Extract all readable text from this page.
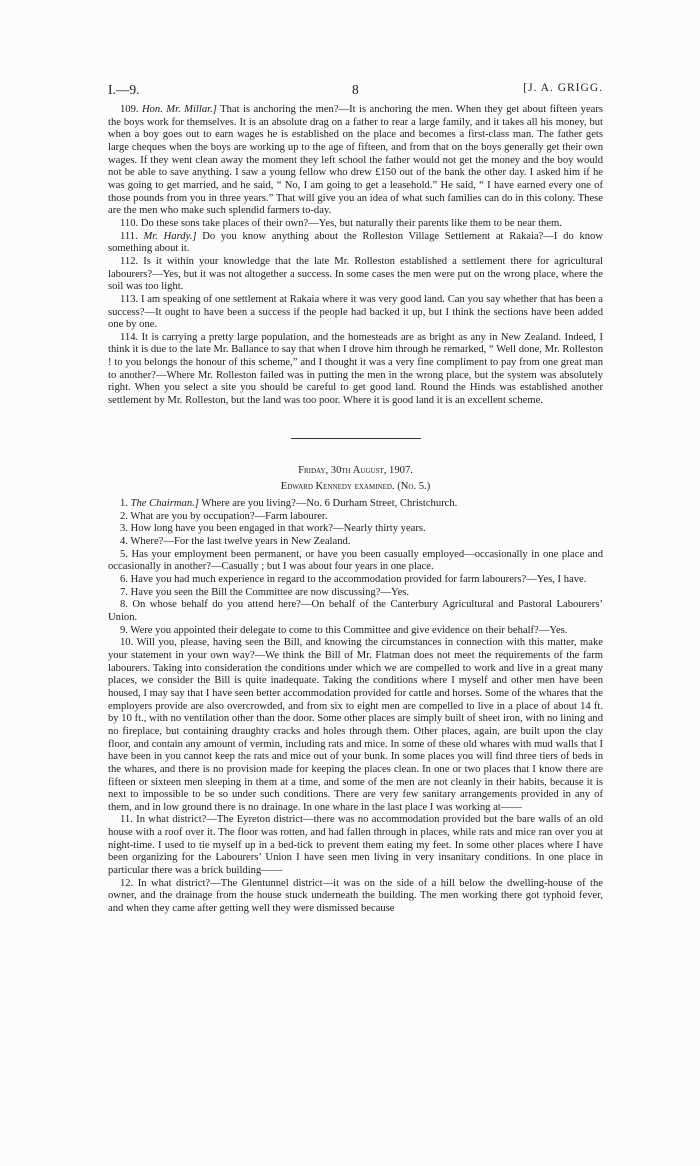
I.—9.	8	[J. A. GRIGG.

109. Hon. Mr. Millar.] That is anchoring the men?—It is anchoring the men. When they get about fifteen years the boys work for themselves. It is an absolute drag on a father to rear a large family, and it takes all his money, but when a boy goes out to earn wages he is established on the place and becomes a first-class man. The father gets large cheques when the boys are working up to the age of fifteen, and from that on the boys generally get their own wages. If they went clean away the moment they left school the father would not get the money and the boy would not be able to save anything. I saw a young fellow who drew £150 out of the bank the other day. I asked him if he was going to get married, and he said, “ No, I am going to get a leasehold.” He said, “ I have earned every one of those pounds from you in three years.” That will give you an idea of what such families can do in this colony. These are the men who make such splendid farmers to-day.

110. Do these sons take places of their own?—Yes, but naturally their parents like them to be near them.

111. Mr. Hardy.] Do you know anything about the Rolleston Village Settlement at Rakaia?—I do know something about it.

112. Is it within your knowledge that the late Mr. Rolleston established a settlement there for agricultural labourers?—Yes, but it was not altogether a success. In some cases the men were put on the wrong place, where the soil was too light.

113. I am speaking of one settlement at Rakaia where it was very good land. Can you say whether that has been a success?—It ought to have been a success if the people had backed it up, but I think the sections have been added one by one.

114. It is carrying a pretty large population, and the homesteads are as bright as any in New Zealand. Indeed, I think it is due to the late Mr. Ballance to say that when I drove him through he remarked, “ Well done, Mr. Rolleston ! to you belongs the honour of this scheme,” and I thought it was a very fine compliment to pay from one great man to another?—Where Mr. Rolleston failed was in putting the men in the wrong place, but the system was absolutely right. When you select a site you should be careful to get good land. Round the Hinds was established another settlement by Mr. Rolleston, but the land was too poor. Where it is good land it is an excellent scheme.

Friday, 30th August, 1907.

Edward Kennedy examined. (No. 5.)

1. The Chairman.] Where are you living?—No. 6 Durham Street, Christchurch.

2. What are you by occupation?—Farm labourer.

3. How long have you been engaged in that work?—Nearly thirty years.

4. Where?—For the last twelve years in New Zealand.

5. Has your employment been permanent, or have you been casually employed—occasionally in one place and occasionally in another?—Casually ; but I was about four years in one place.

6. Have you had much experience in regard to the accommodation provided for farm labourers?—Yes, I have.

7. Have you seen the Bill the Committee are now discussing?—Yes.

8. On whose behalf do you attend here?—On behalf of the Canterbury Agricultural and Pastoral Labourers’ Union.

9. Were you appointed their delegate to come to this Committee and give evidence on their behalf?—Yes.

10. Will you, please, having seen the Bill, and knowing the circumstances in connection with this matter, make your statement in your own way?—We think the Bill of Mr. Flatman does not meet the requirements of the farm labourers. Taking into consideration the conditions under which we are compelled to work and live in a great many places, we consider the Bill is quite inadequate. Taking the conditions where I myself and other men have been housed, I may say that I have seen better accommodation provided for cattle and horses. Some of the whares that the employers provide are also overcrowded, and from six to eight men are compelled to live in a place of about 14 ft. by 10 ft., with no ventilation other than the door. Some other places are simply built of sheet iron, with no lining and no fireplace, but containing draughty cracks and holes through them. Other places, again, are built upon the clay floor, and contain any amount of vermin, including rats and mice. In some of these old whares with mud walls that I have been in you cannot keep the rats and mice out of your bunk. In some places you will find three tiers of beds in the whares, and there is no provision made for keeping the places clean. In one or two places that I know there are fifteen or sixteen men sleeping in them at a time, and some of the men are not cleanly in their habits, because it is next to impossible to be so under such conditions. There are very few sanitary arrangements provided in any of them, and in low ground there is no drainage. In one whare in the last place I was working at——

11. In what district?—The Eyreton district—there was no accommodation provided but the bare walls of an old house with a roof over it. The floor was rotten, and had fallen through in places, while rats and mice ran over you at night-time. I used to tie myself up in a bed-tick to prevent them eating my feet. In some other places where I have been organizing for the Labourers’ Union I have seen men living in very insanitary conditions. In one place in particular there was a brick building——

12. In what district?—The Glentunnel district—it was on the side of a hill below the dwelling-house of the owner, and the drainage from the house stuck underneath the building. The men working there got typhoid fever, and when they came after getting well they were dismissed because
